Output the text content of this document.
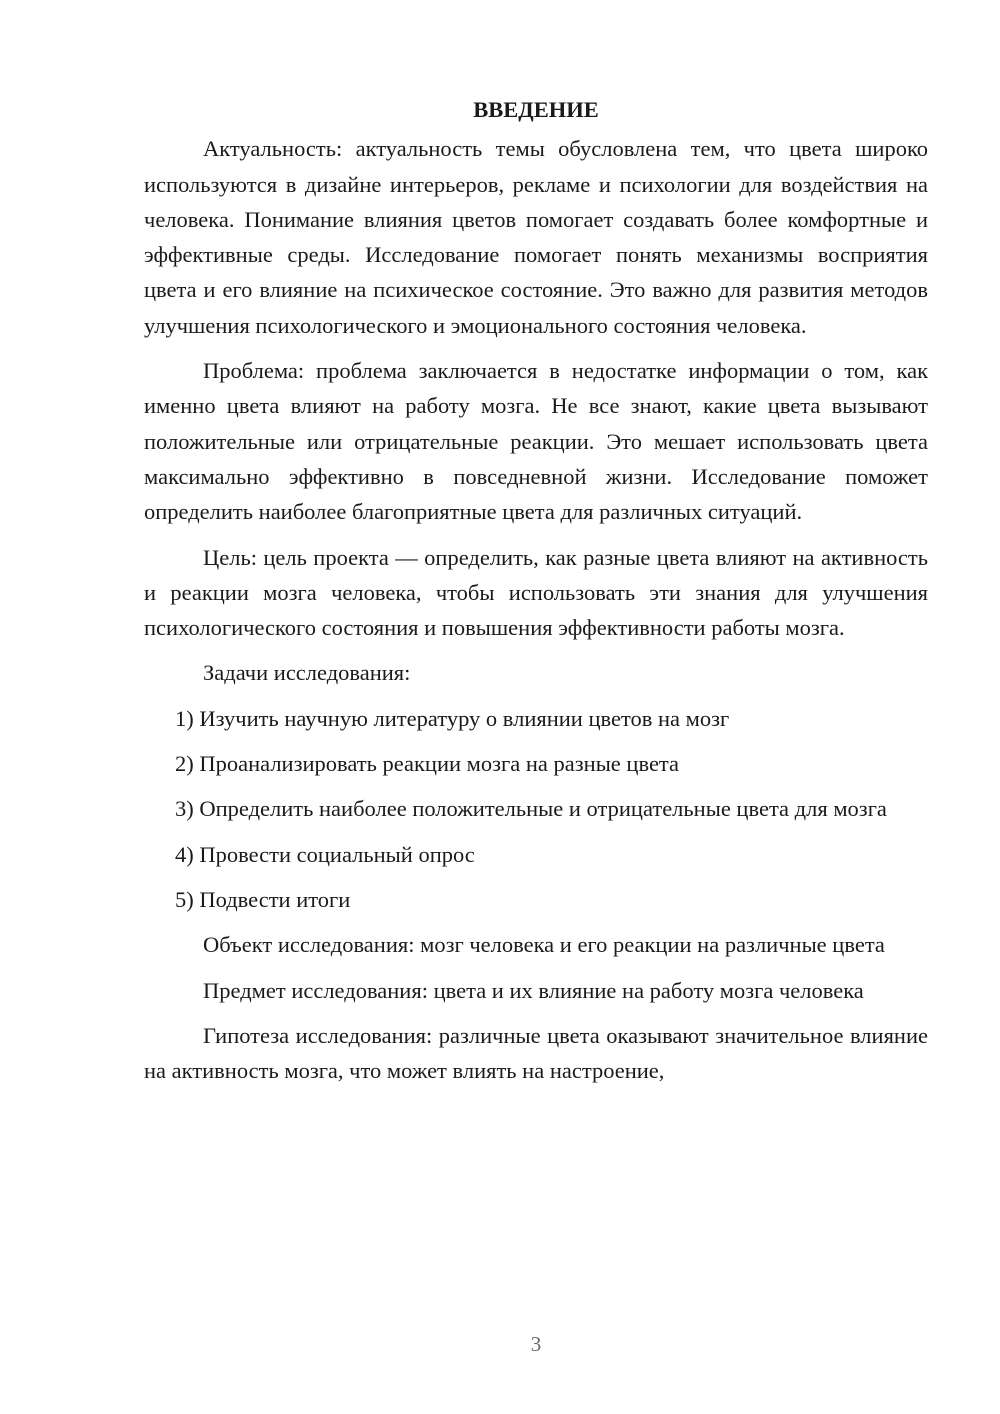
ВВЕДЕНИЕ

Актуальность: актуальность темы обусловлена тем, что цвета широко используются в дизайне интерьеров, рекламе и психологии для воздействия на человека. Понимание влияния цветов помогает создавать более комфортные и эффективные среды. Исследование помогает понять механизмы восприятия цвета и его влияние на психическое состояние. Это важно для развития методов улучшения психологического и эмоционального состояния человека.

Проблема: проблема заключается в недостатке информации о том, как именно цвета влияют на работу мозга. Не все знают, какие цвета вызывают положительные или отрицательные реакции. Это мешает использовать цвета максимально эффективно в повседневной жизни. Исследование поможет определить наиболее благоприятные цвета для различных ситуаций.

Цель: цель проекта — определить, как разные цвета влияют на активность и реакции мозга человека, чтобы использовать эти знания для улучшения психологического состояния и повышения эффективности работы мозга.

Задачи исследования:

1) Изучить научную литературу о влиянии цветов на мозг

2) Проанализировать реакции мозга на разные цвета

3) Определить наиболее положительные и отрицательные цвета для мозга

4) Провести социальный опрос

5) Подвести итоги

Объект исследования: мозг человека и его реакции на различные цвета

Предмет исследования: цвета и их влияние на работу мозга человека

Гипотеза исследования: различные цвета оказывают значительное влияние на активность мозга, что может влиять на настроение,

3
